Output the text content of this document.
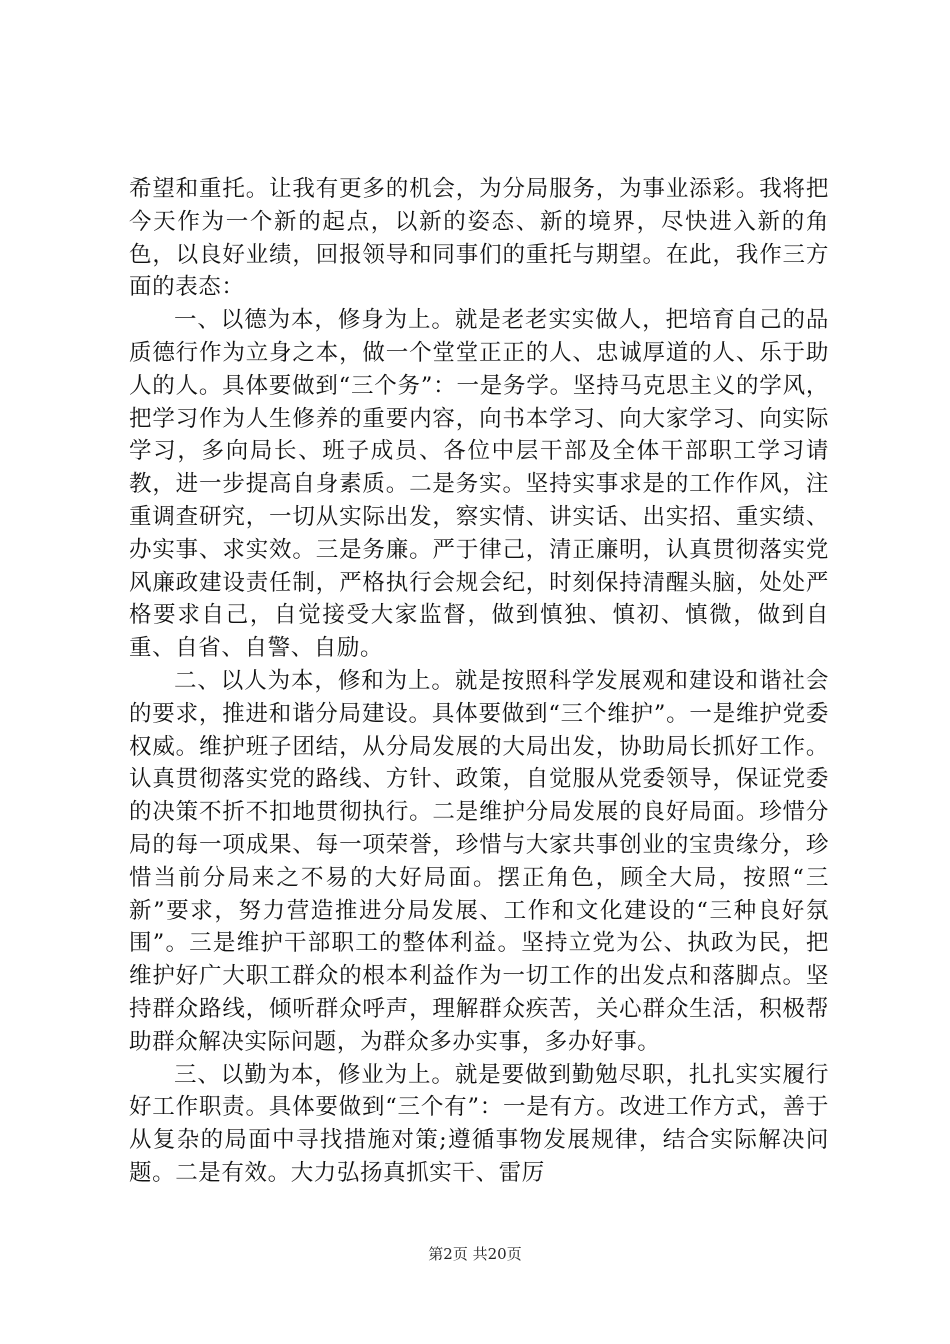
希望和重托。让我有更多的机会，为分局服务，为事业添彩。我将把今天作为一个新的起点，以新的姿态、新的境界，尽快进入新的角色，以良好业绩，回报领导和同事们的重托与期望。在此，我作三方面的表态：

一、以德为本，修身为上。就是老老实实做人，把培育自己的品质德行作为立身之本，做一个堂堂正正的人、忠诚厚道的人、乐于助人的人。具体要做到“三个务”：一是务学。坚持马克思主义的学风，把学习作为人生修养的重要内容，向书本学习、向大家学习、向实际学习，多向局长、班子成员、各位中层干部及全体干部职工学习请教，进一步提高自身素质。二是务实。坚持实事求是的工作作风，注重调查研究，一切从实际出发，察实情、讲实话、出实招、重实绩、办实事、求实效。三是务廉。严于律己，清正廉明，认真贯彻落实党风廉政建设责任制，严格执行会规会纪，时刻保持清醒头脑，处处严格要求自己，自觉接受大家监督，做到慎独、慎初、慎微，做到自重、自省、自警、自励。

二、以人为本，修和为上。就是按照科学发展观和建设和谐社会的要求，推进和谐分局建设。具体要做到“三个维护”。一是维护党委权威。维护班子团结，从分局发展的大局出发，协助局长抓好工作。认真贯彻落实党的路线、方针、政策，自觉服从党委领导，保证党委的决策不折不扣地贯彻执行。二是维护分局发展的良好局面。珍惜分局的每一项成果、每一项荣誉，珍惜与大家共事创业的宝贵缘分，珍惜当前分局来之不易的大好局面。摆正角色，顾全大局，按照“三新”要求，努力营造推进分局发展、工作和文化建设的“三种良好氛围”。三是维护干部职工的整体利益。坚持立党为公、执政为民，把维护好广大职工群众的根本利益作为一切工作的出发点和落脚点。坚持群众路线，倾听群众呼声，理解群众疾苦，关心群众生活，积极帮助群众解决实际问题，为群众多办实事，多办好事。

三、以勤为本，修业为上。就是要做到勤勉尽职，扎扎实实履行好工作职责。具体要做到“三个有”：一是有方。改进工作方式，善于从复杂的局面中寻找措施对策;遵循事物发展规律，结合实际解决问题。二是有效。大力弘扬真抓实干、雷厉

第2页 共20页
